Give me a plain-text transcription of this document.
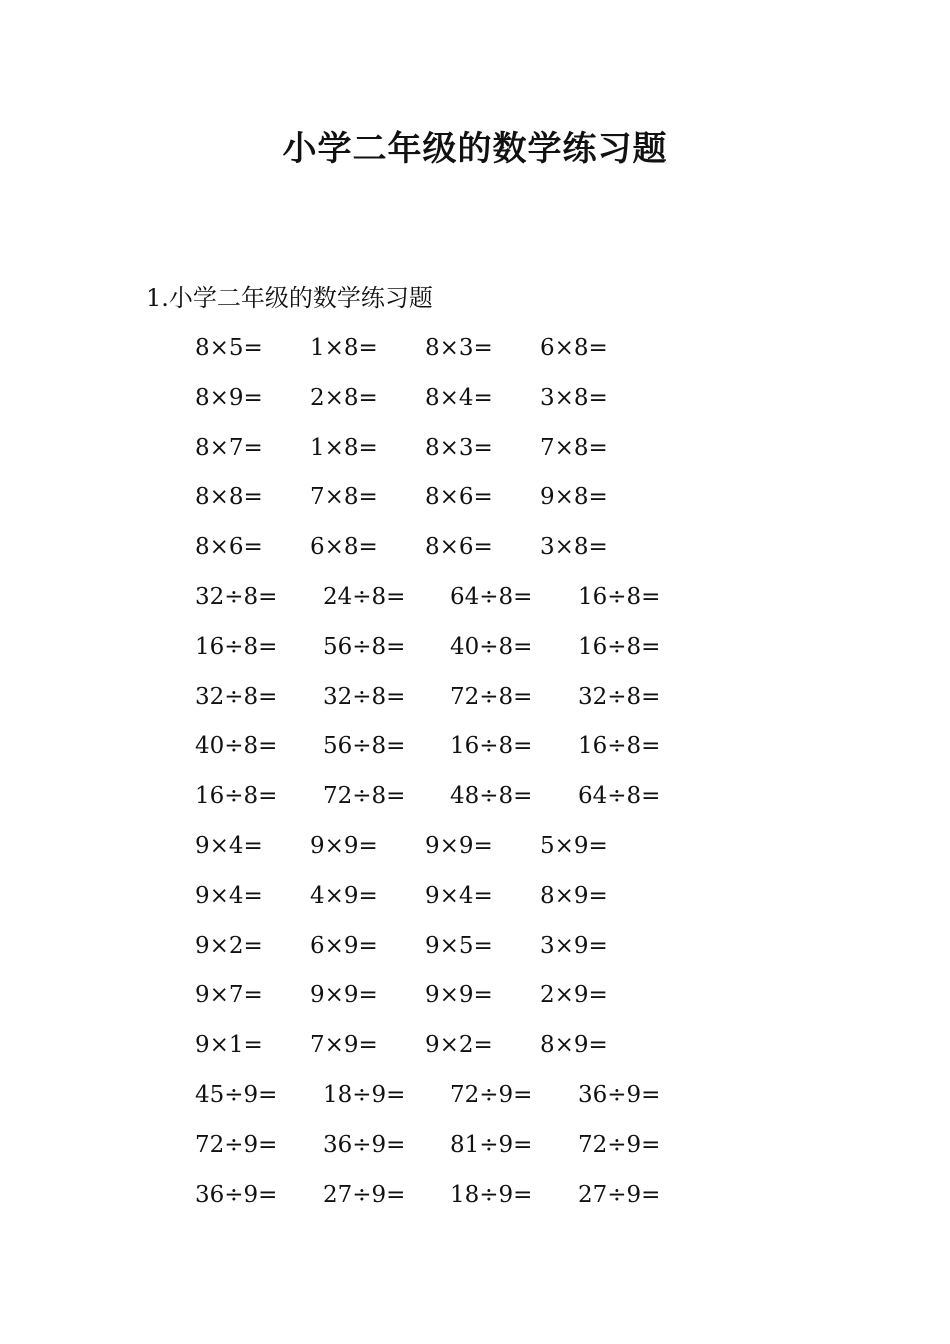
小学二年级的数学练习题
1.小学二年级的数学练习题
8×5= 1×8= 8×3= 6×8=
8×9= 2×8= 8×4= 3×8=
8×7= 1×8= 8×3= 7×8=
8×8= 7×8= 8×6= 9×8=
8×6= 6×8= 8×6= 3×8=
32÷8= 24÷8= 64÷8= 16÷8=
16÷8= 56÷8= 40÷8= 16÷8=
32÷8= 32÷8= 72÷8= 32÷8=
40÷8= 56÷8= 16÷8= 16÷8=
16÷8= 72÷8= 48÷8= 64÷8=
9×4= 9×9= 9×9= 5×9=
9×4= 4×9= 9×4= 8×9=
9×2= 6×9= 9×5= 3×9=
9×7= 9×9= 9×9= 2×9=
9×1= 7×9= 9×2= 8×9=
45÷9= 18÷9= 72÷9= 36÷9=
72÷9= 36÷9= 81÷9= 72÷9=
36÷9= 27÷9= 18÷9= 27÷9=
